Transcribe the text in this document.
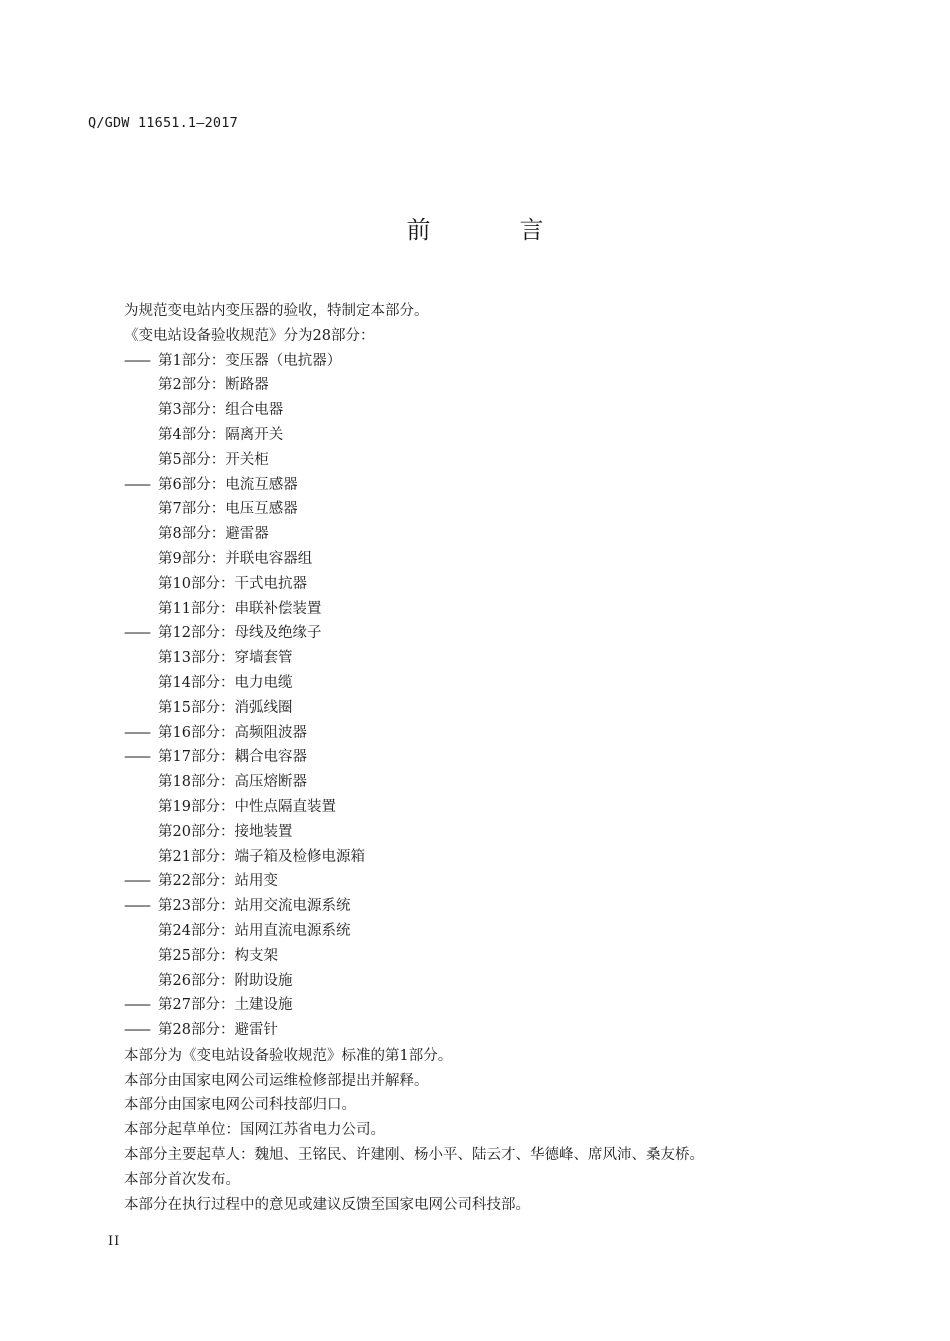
Q/GDW 11651.1—2017
前	言
为规范变电站内变压器的验收，特制定本部分。
《变电站设备验收规范》分为28部分：
—— 第1部分：变压器（电抗器）
第2部分：断路器
第3部分：组合电器
第4部分：隔离开关
第5部分：开关柜
—— 第6部分：电流互感器
第7部分：电压互感器
第8部分：避雷器
第9部分：并联电容器组
第10部分：干式电抗器
第11部分：串联补偿装置
—— 第12部分：母线及绝缘子
第13部分：穿墙套管
第14部分：电力电缆
第15部分：消弧线圈
—— 第16部分：高频阻波器
—— 第17部分：耦合电容器
第18部分：高压熔断器
第19部分：中性点隔直装置
第20部分：接地装置
第21部分：端子箱及检修电源箱
—— 第22部分：站用变
—— 第23部分：站用交流电源系统
第24部分：站用直流电源系统
第25部分：构支架
第26部分：附助设施
—— 第27部分：土建设施
—— 第28部分：避雷针
本部分为《变电站设备验收规范》标准的第1部分。
本部分由国家电网公司运维检修部提出并解释。
本部分由国家电网公司科技部归口。
本部分起草单位：国网江苏省电力公司。
本部分主要起草人：魏旭、王铭民、许建刚、杨小平、陆云才、华德峰、席风沛、桑友桥。
本部分首次发布。
本部分在执行过程中的意见或建议反馈至国家电网公司科技部。
II
